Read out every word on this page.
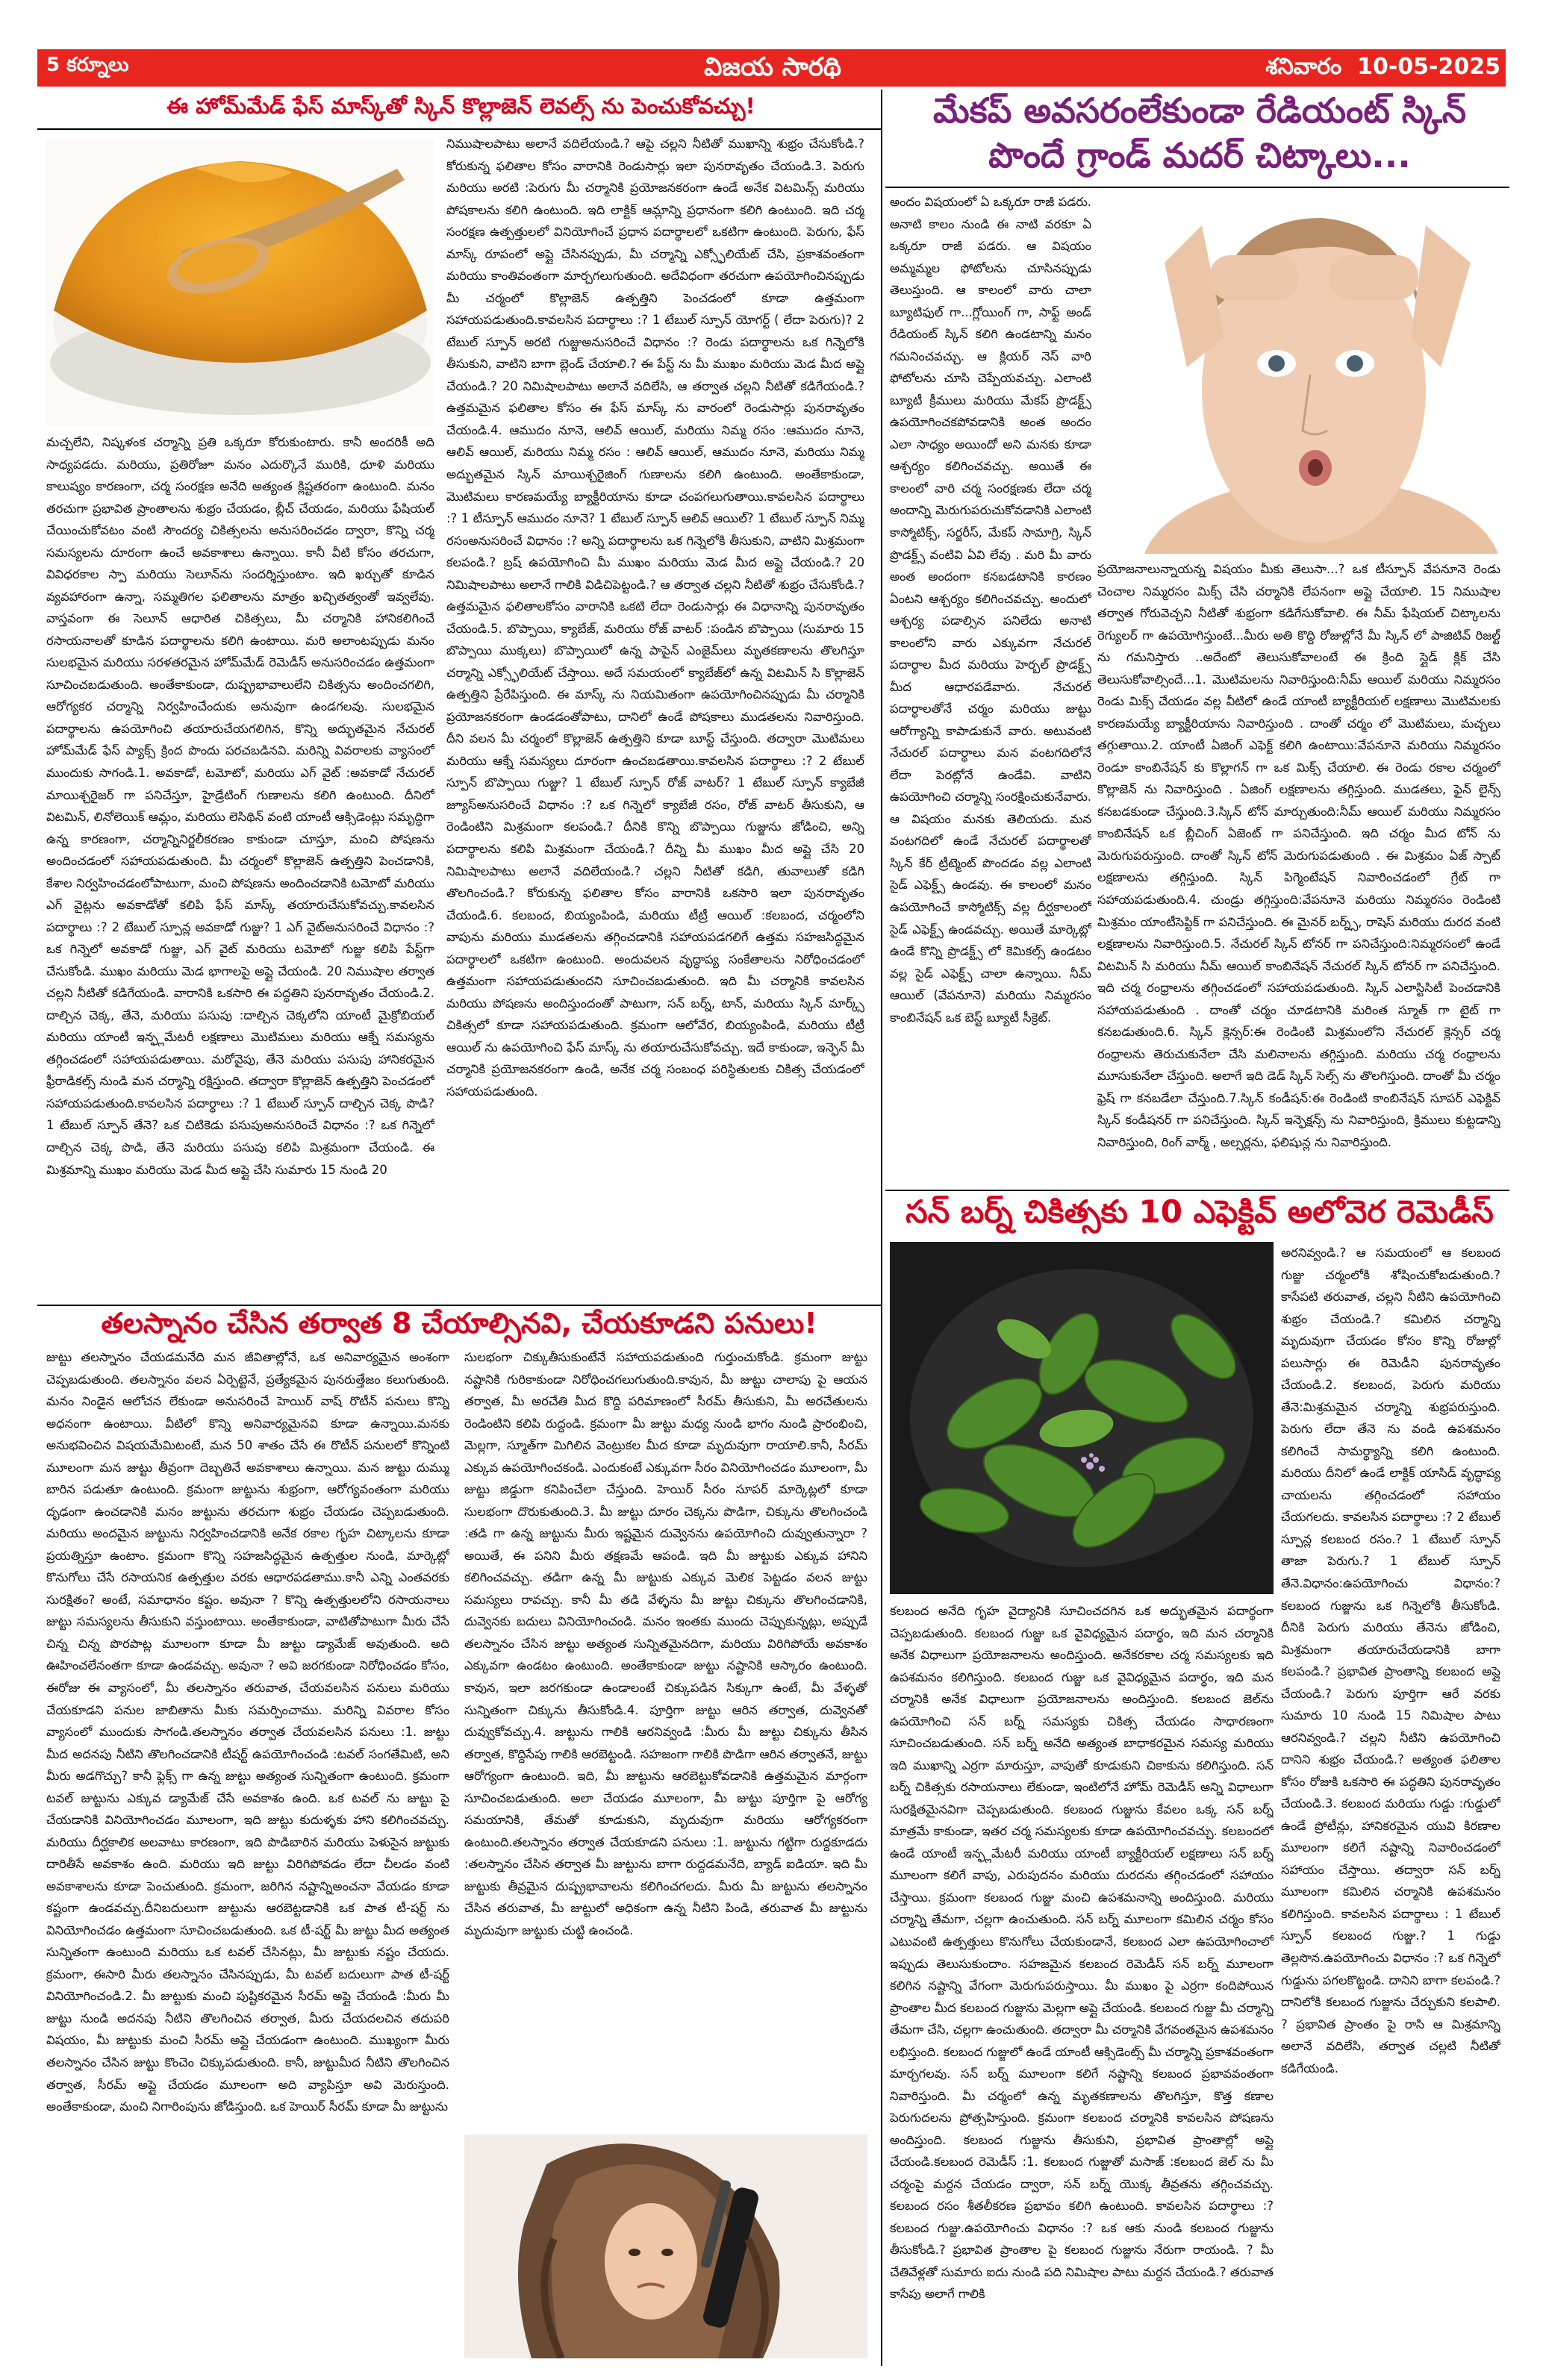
5 కర్నూలు	విజయ సారథి	శనివారం 10-05-2025
ఈ హోమ్‌మేడ్ ఫేస్ మాస్క్‌తో స్కిన్ కొల్లాజెన్ లెవల్స్ ను పెంచుకోవచ్చు!
మచ్చలేని, నిష్కళంక చర్మాన్ని ప్రతి ఒక్కరూ కోరుకుంటారు. కానీ అందరికీ అది సాధ్యపడదు. మరియు, ప్రతిరోజూ మనం ఎదుర్కొనే మురికి, ధూళి మరియు కాలుష్యం కారణంగా, చర్మ సంరక్షణ అనేది అత్యంత క్లిష్టతరంగా ఉంటుంది. మనం తరచుగా ప్రభావిత ప్రాంతాలను శుభ్రం చేయడం, బ్లీచ్ చేయడం, మరియు ఫేషియల్ చేయించుకోవటం వంటి సౌందర్య చికిత్సలను అనుసరించడం ద్వారా, కొన్ని చర్మ సమస్యలను దూరంగా ఉంచే అవకాశాలు ఉన్నాయి. కానీ వీటి కోసం తరచుగా, వివిధరకాల స్పా మరియు సెలూన్‌ను సందర్శిస్తుంటాం. ఇది ఖర్చుతో కూడిన వ్యవహారంగా ఉన్నా, సమ్మతిగల ఫలితాలను మాత్రం ఖచ్చితత్వంతో ఇవ్వలేవు. వాస్తవంగా ఈ సెలూన్ ఆధారిత చికిత్సలు, మీ చర్మానికి హానికలిగించే రసాయనాలతో కూడిన పదార్థాలను కలిగి ఉంటాయి. మరి అలాంటప్పుడు మనం సులభమైన మరియు సరళతరమైన హోమ్‌మేడ్ రెమెడీస్ అనుసరించడం ఉత్తమంగా సూచించబడుతుంది. అంతేకాకుండా, దుష్ప్రభావాలులేని చికిత్సను అందించగలిగి, ఆరోగ్యకర చర్మాన్ని నిర్వహించేందుకు అనువుగా ఉండగలవు. సులభమైన పదార్థాలను ఉపయోగించి తయారుచేయగలిగిన, కొన్ని అద్భుతమైన నేచురల్ హోమ్‌మేడ్ ఫేస్ ప్యాక్స్ క్రింద పొందు పరచబడినవి. మరిన్ని వివరాలకు వ్యాసంలో ముందుకు సాగండి.1. అవకాడో, టమోటో, మరియు ఎగ్ వైట్ :అవకాడో నేచురల్ మాయిశ్చరైజర్ గా పనిచేస్తూ, హైడ్రేటింగ్ గుణాలను కలిగి ఉంటుంది. దీనిలో విటమిన్, లినోలెయిక్ ఆమ్లం, మరియు లెసిథిన్ వంటి యాంటీ ఆక్సిడెంట్లు సమృద్ధిగా ఉన్న కారణంగా, చర్మాన్నినిర్జలీకరణం కాకుండా చూస్తూ, మంచి పోషణను అందించడంలో సహాయపడుతుంది. మీ చర్మంలో కొల్లాజెన్ ఉత్పత్తిని పెంచడానికి, కేశాల నిర్వహించడంలోపాటుగా, మంచి పోషణను అందించడానికి టమోటో మరియు ఎగ్ వైట్లను అవకాడోతో కలిపి ఫేస్ మాస్క్ తయారుచేసుకోవచ్చు.కావలసిన పదార్థాలు :? 2 టేబుల్ స్పూన్ల అవకాడో గుజ్జు? 1 ఎగ్ వైట్అనుసరించే విధానం :? ఒక గిన్నెలో అవకాడో గుజ్జు, ఎగ్ వైట్ మరియు టమోటో గుజ్జు కలిపి పేస్ట్‌గా చేసుకోండి. ముఖం మరియు మెడ భాగాలపై అప్లై చేయండి. 20 నిముషాల తర్వాత చల్లని నీటితో కడిగేయండి. వారానికి ఒకసారి ఈ పద్ధతిని పునరావృతం చేయండి.2. దాల్చిన చెక్క, తేనె, మరియు పసుపు :దాల్చిన చెక్కలోని యాంటీ మైక్రోబియల్ మరియు యాంటీ ఇన్ఫ్లమేటరీ లక్షణాలు మొటిమలు మరియు ఆక్నే సమస్యను తగ్గించడంలో సహాయపడుతాయి. మరోవైపు, తేనె మరియు పసుపు హానికరమైన ఫ్రీరాడికల్స్ నుండి మన చర్మాన్ని రక్షిస్తుంది. తద్వారా కొల్లాజెన్ ఉత్పత్తిని పెంచడంలో సహాయపడుతుంది.కావలసిన పదార్థాలు :? 1 టేబుల్ స్పూన్ దాల్చిన చెక్క పొడి? 1 టేబుల్ స్పూన్ తేనె? ఒక చిటికెడు పసుపుఅనుసరించే విధానం :? ఒక గిన్నెలో దాల్చిన చెక్క పొడి, తేనె మరియు పసుపు కలిపి మిశ్రమంగా చేయండి. ఈ మిశ్రమాన్ని ముఖం మరియు మెడ మీద అప్లై చేసి సుమారు 15 నుండి 20
నిముషాలపాటు అలానే వదిలేయండి.? ఆపై చల్లని నీటితో ముఖాన్ని శుభ్రం చేసుకోండి.? కోరుకున్న ఫలితాల కోసం వారానికి రెండుసార్లు ఇలా పునరావృతం చేయండి.3. పెరుగు మరియు అరటి :పెరుగు మీ చర్మానికి ప్రయోజనకరంగా ఉండే అనేక విటమిన్స్ మరియు పోషకాలను కలిగి ఉంటుంది. ఇది లాక్టిక్ ఆమ్లాన్ని ప్రధానంగా కలిగి ఉంటుంది. ఇది చర్మ సంరక్షణ ఉత్పత్తులలో వినియోగించే ప్రధాన పదార్థాలలో ఒకటిగా ఉంటుంది. పెరుగు, ఫేస్ మాస్క్ రూపంలో అప్లై చేసినప్పుడు, మీ చర్మాన్ని ఎక్స్ఫోలియేట్ చేసి, ప్రకాశవంతంగా మరియు కాంతివంతంగా మార్చగలుగుతుంది. అదేవిధంగా తరచుగా ఉపయోగించినప్పుడు మీ చర్మంలో కొల్లాజెన్ ఉత్పత్తిని పెంచడంలో కూడా ఉత్తమంగా సహాయపడుతుంది.కావలసిన పదార్థాలు :? 1 టేబుల్ స్పూన్ యోగర్ట్ ( లేదా పెరుగు)? 2 టేబుల్ స్పూన్ అరటి గుజ్జుఅనుసరించే విధానం :? రెండు పదార్థాలను ఒక గిన్నెలోకి తీసుకుని, వాటిని బాగా బ్లెండ్ చేయాలి.? ఈ పేస్ట్ ను మీ ముఖం మరియు మెడ మీద అప్లై చేయండి.? 20 నిమిషాలపాటు అలానే వదిలేసి, ఆ తర్వాత చల్లని నీటితో కడిగేయండి.? ఉత్తమమైన ఫలితాల కోసం ఈ ఫేస్ మాస్క్ ను వారంలో రెండుసార్లు పునరావృతం చేయండి.4. ఆముదం నూనె, ఆలివ్ ఆయిల్, మరియు నిమ్మ రసం :ఆముదం నూనె, ఆలివ్ ఆయిల్, మరియు నిమ్మ రసం : ఆలివ్ ఆయిల్, ఆముదం నూనె, మరియు నిమ్మ అద్భుతమైన స్కిన్ మాయిశ్చరైజింగ్ గుణాలను కలిగి ఉంటుంది. అంతేకాకుండా, మొటిమలు కారణమయ్యే బ్యాక్టీరియాను కూడా చంపగలుగుతాయి.కావలసిన పదార్థాలు :? 1 టీస్పూన్ ఆముదం నూనె? 1 టేబుల్ స్పూన్ ఆలివ్ ఆయిల్? 1 టేబుల్ స్పూన్ నిమ్మ రసంఅనుసరించే విధానం :? అన్ని పదార్థాలను ఒక గిన్నెలోకి తీసుకుని, వాటిని మిశ్రమంగా కలపండి.? బ్రష్ ఉపయోగించి మీ ముఖం మరియు మెడ మీద అప్లై చేయండి.? 20 నిమిషాలపాటు అలానే గాలికి విడిచిపెట్టండి.? ఆ తర్వాత చల్లని నీటితో శుభ్రం చేసుకోండి.? ఉత్తమమైన ఫలితాలకోసం వారానికి ఒకటి లేదా రెండుసార్లు ఈ విధానాన్ని పునరావృతం చేయండి.5. బొప్పాయి, క్యాబేజ్, మరియు రోజ్ వాటర్ :పండిన బొప్పాయి (సుమారు 15 బొప్పాయి ముక్కలు) బొప్పాయిలో ఉన్న పాపైన్ ఎంజైమ్‌లు మృతకణాలను తొలగిస్తూ చర్మాన్ని ఎక్స్ఫోలియేట్ చేస్తాయి. అదే సమయంలో క్యాబేజ్‌లో ఉన్న విటమిన్ సి కొల్లాజెన్ ఉత్పత్తిని ప్రేరేపిస్తుంది. ఈ మాస్క్ ను నియమితంగా ఉపయోగించినప్పుడు మీ చర్మానికి ప్రయోజనకరంగా ఉండడంతోపాటు, దానిలో ఉండే పోషకాలు ముడతలను నివారిస్తుంది. దీని వలన మీ చర్మంలో కొల్లాజెన్ ఉత్పత్తిని కూడా బూస్ట్ చేస్తుంది. తద్వారా మొటిమలు మరియు ఆక్నే సమస్యలు దూరంగా ఉంచబడతాయి.కావలసిన పదార్థాలు :? 2 టేబుల్ స్పూన్ బొప్పాయి గుజ్జు? 1 టేబుల్ స్పూన్ రోజ్ వాటర్? 1 టేబుల్ స్పూన్ క్యాబేజీ జ్యూస్అనుసరించే విధానం :? ఒక గిన్నెలో క్యాబేజీ రసం, రోజ్ వాటర్ తీసుకుని, ఆ రెండింటిని మిశ్రమంగా కలపండి.? దీనికి కొన్ని బొప్పాయి గుజ్జును జోడించి, అన్ని పదార్థాలను కలిపి మిశ్రమంగా చేయండి.? దీన్ని మీ ముఖం మీద అప్లై చేసి 20 నిమిషాలపాటు అలానే వదిలేయండి.? చల్లని నీటితో కడిగి, తువాలుతో కడిగి తొలగించండి.? కోరుకున్న ఫలితాల కోసం వారానికి ఒకసారి ఇలా పునరావృతం చేయండి.6. కలబంద, బియ్యంపిండి, మరియు టీట్రీ ఆయిల్ :కలబంద, చర్మంలోని వాపును మరియు ముడతలను తగ్గించడానికి సహాయపడగలిగే ఉత్తమ సహజసిద్ధమైన పదార్థాలలో ఒకటిగా ఉంటుంది. అందువలన వృద్ధాప్య సంకేతాలను నిరోధించడంలో ఉత్తమంగా సహాయపడుతుందని సూచించబడుతుంది. ఇది మీ చర్మానికి కావలసిన మరియు పోషణను అందిస్తుందంతో పాటుగా, సన్ బర్న్, టాన్, మరియు స్కిన్ మార్క్స్ చికిత్సలో కూడా సహాయపడుతుంది. క్రమంగా ఆలోవేర, బియ్యంపిండి, మరియు టీట్రీ ఆయిల్ ను ఉపయోగించి ఫేస్ మాస్క్ ను తయారుచేసుకోవచ్చు. ఇదే కాకుండా, ఇన్ఫెన్ మీ చర్మానికి ప్రయోజనకరంగా ఉండి, అనేక చర్మ సంబంధ పరిస్థితులకు చికిత్స చేయడంలో సహాయపడుతుంది.
తలస్నానం చేసిన తర్వాత 8 చేయాల్సినవి, చేయకూడని పనులు!
జుట్టు తలస్నానం చేయడమనేది మన జీవితాల్లోనే, ఒక అనివార్యమైన అంశంగా చెప్పబడుతుంది. తలస్నానం వలన ఏర్పెట్టెనే, ప్రత్యేకమైన పునరుత్తేజం కలుగుతుంది. మనం నిండైన ఆలోచన లేకుండా అనుసరించే హెయిర్ వాష్ రొటీన్ పనులు కొన్ని అధనంగా ఉంటాయి. వీటిలో కొన్ని అనివార్యమైనవి కూడా ఉన్నాయి.మనకు అనుభవించిన విషయమేమిటంటే, మన 50 శాతం చేసే ఈ రొటీన్ పనులలో కొన్నింటి మూలంగా మన జుట్టు తీవ్రంగా దెబ్బతినే అవకాశాలు ఉన్నాయి. మన జుట్టు దుమ్ము బారిన పడుతూ ఉంటుంది. క్రమంగా జుట్టును శుభ్రంగా, ఆరోగ్యవంతంగా మరియు దృఢంగా ఉంచడానికి మనం జుట్టును తరచుగా శుభ్రం చేయడం చెప్పబడుతుంది. మరియు అందమైన జుట్టును నిర్వహించడానికి అనేక రకాల గృహ చిట్కాలను కూడా ప్రయత్నిస్తూ ఉంటాం. క్రమంగా కొన్ని సహజసిద్ధమైన ఉత్పత్తుల నుండి, మార్కెట్లో కొనుగోలు చేసే రసాయనిక ఉత్పత్తుల వరకు ఆధారపడతాము.కానీ ఎన్ని ఎంతవరకు సురక్షితం? అంటే, సమాధానం కష్టం. అవునా ? కొన్ని ఉత్పత్తులలోని రసాయనాలు జుట్టు సమస్యలను తీసుకుని వస్తుంటాయి. అంతేకాకుండా, వాటితోపాటుగా మీరు చేసే చిన్న చిన్న పొరపాట్ల మూలంగా కూడా మీ జుట్టు డ్యామేజ్ అవుతుంది. అది ఊహించలేనంతగా కూడా ఉండవచ్చు. అవునా ? అవి జరగకుండా నిరోధించడం కోసం, ఈరోజు ఈ వ్యాసంలో, మీ తలస్నానం తరువాత, చేయవలసిన పనులు మరియు చేయకూడని పనుల జాబితాను మీకు సమర్పించాము. మరిన్ని వివరాల కోసం వ్యాసంలో ముందుకు సాగండి.తలస్నానం తర్వాత చేయవలసిన పనులు :1. జుట్టు మీద అదనపు నీటిని తొలగించడానికి టీషర్ట్ ఉపయోగించండి :టవల్ సంగతేమిటి, అని మీరు అడగొచ్చు? కానీ ఫ్లెక్స్ గా ఉన్న జుట్టు అత్యంత సున్నితంగా ఉంటుంది. క్రమంగా టవల్ జుట్టును ఎక్కువ డ్యామేజ్ చేసే అవకాశం ఉంది. ఒక టవల్ ను జుట్టు పై చేయడానికి వినియోగించడం మూలంగా, ఇది జుట్టు కుదుళ్ళకు హాని కలిగించవచ్చు. మరియు దీర్ఘకాలిక అలవాటు కారణంగా, ఇది పొడిబారిన మరియు పెళుసైన జుట్టుకు దారితీసే అవకాశం ఉంది. మరియు ఇది జుట్టు విరిగిపోవడం లేదా చీలడం వంటి అవకాశాలను కూడా పెంచుతుంది. క్రమంగా, జరిగిన నష్టాన్నిఅంచనా వేయడం కూడా కష్టంగా ఉండవచ్చు.దీనిబదులుగా జుట్టును ఆరబెట్టడానికి ఒక పాత టీ-షర్ట్ ను వినియోగించడం ఉత్తమంగా సూచించబడుతుంది. ఒక టీ-షర్ట్ మీ జుట్టు మీద అత్యంత సున్నితంగా ఉంటుంది మరియు ఒక టవల్ చేసినట్లు, మీ జుట్టుకు నష్టం చేయదు. క్రమంగా, ఈసారి మీరు తలస్నానం చేసినప్పుడు, మీ టవల్ బదులుగా పాత టీ-షర్ట్ వినియోగించండి.2. మీ జుట్టుకు మంచి పుష్టికరమైన సీరమ్ అప్లై చేయండి :మీరు మీ జుట్టు నుండి అదనపు నీటిని తొలగించిన తర్వాత, మీరు చేయదలచిన తదుపరి విషయం, మీ జుట్టుకు మంచి సీరమ్ అప్లై చేయడంగా ఉంటుంది. ముఖ్యంగా మీరు తలస్నానం చేసిన జుట్టు కొంచెం చిక్కుపడుతుంది. కానీ, జుట్టుమీద నీటిని తొలగించిన తర్వాత, సీరమ్ అప్లై చేయడం మూలంగా అది వ్యాపిస్తూ అవి మెరుస్తుంది. అంతేకాకుండా, మంచి నిగారింపును జోడిస్తుంది. ఒక హెయిర్ సీరమ్ కూడా మీ జుట్టును
సులభంగా చిక్కుతీసుకుంటేనే సహాయపడుతుంది గుర్తుంచుకోండి. క్రమంగా జుట్టు నష్టానికి గురికాకుండా నిరోధించగలుగుతుంది.కావున, మీ జుట్టు చాలాపు పై ఆయన తర్వాత, మీ అరచేతి మీద కొద్ది పరిమాణంలో సీరమ్ తీసుకుని, మీ అరచేతులను రెండింటిని కలిపి రుద్దండి. క్రమంగా మీ జుట్టు మధ్య నుండి భాగం నుండి ప్రారంభించి, మెల్లగా, స్మూత్‌గా మిగిలిన వెంట్రుకల మీద కూడా మృదువుగా రాయాలి.కానీ, సీరమ్ ఎక్కువ ఉపయోగించకండి. ఎందుకంటే ఎక్కువగా సీరం వినియోగించడం మూలంగా, మీ జుట్టు జిడ్డుగా కనిపించేలా చేస్తుంది. హెయిర్ సీరం సూపర్ మార్కెట్లలో కూడా సులభంగా దొరుకుతుంది.3. మీ జుట్టు దూరం చెక్కను పొడిగా, చిక్కును తొలగించండి :తడి గా ఉన్న జుట్టును మీరు ఇష్టమైన దువ్వెనను ఉపయోగించి దువ్వుతున్నారా ? అయితే, ఈ పనిని మీరు తక్షణమే ఆపండి. ఇది మీ జుట్టుకు ఎక్కువ హానిని కలిగించవచ్చు. తడిగా ఉన్న మీ జుట్టుకు ఎక్కువ మెలిక పెట్టడం వలన జుట్టు సమస్యలు రావచ్చు. కానీ మీ తడి వేళ్ళను మీ జుట్టు చిక్కును తొలగించడానికి, దువ్వెనకు బదులు వినియోగించండి. మనం ఇంతకు ముందు చెప్పుకున్నట్లు, అప్పుడే తలస్నానం చేసిన జుట్టు అత్యంత సున్నితమైనదిగా, మరియు విరిగిపోయే అవకాశం ఎక్కువగా ఉండటం ఉంటుంది. అంతేకాకుండా జుట్టు నష్టానికి ఆస్కారం ఉంటుంది. కావున, ఇలా జరగకుండా ఉండాలంటే చిక్కుపడిన సిక్కుగా ఉంటే, మీ వేళ్ళతో సున్నితంగా చిక్కును తీసుకోండి.4. పూర్తిగా జుట్టు ఆరిన తర్వాత, దువ్వెనతో దువ్వుకోవచ్చు.4. జుట్టును గాలికి ఆరనివ్వండి :మీరు మీ జుట్టు చిక్కును తీసిన తర్వాత, కొద్దిసేపు గాలికి ఆరబెట్టండి. సహజంగా గాలికి పొడిగా ఆరిన తర్వాతనే, జుట్టు ఆరోగ్యంగా ఉంటుంది. ఇది, మీ జుట్టును ఆరబెట్టుకోవడానికి ఉత్తమమైన మార్గంగా సూచించబడుతుంది. అలా చేయడం మూలంగా, మీ జుట్టు పూర్తిగా పై ఆరోగ్య సమయానికి, తేమతో కూడుకుని, మృదువుగా మరియు ఆరోగ్యకరంగా ఉంటుంది.తలస్నానం తర్వాత చేయకూడని పనులు :1. జుట్టును గట్టిగా రుద్దకూడదు :తలస్నానం చేసిన తర్వాత మీ జుట్టును బాగా రుద్దడమనేది, బ్యాడ్ ఐడియా. ఇది మీ జుట్టుకు తీవ్రమైన దుష్ప్రభావాలను కలిగించగలదు. మీరు మీ జుట్టును తలస్నానం చేసిన తరువాత, మీ జుట్టులో అధికంగా ఉన్న నీటిని పిండి, తరువాత మీ జుట్టును మృదువుగా జుట్టుకు చుట్టి ఉంచండి.
మేకప్ అవసరంలేకుండా రేడియంట్ స్కిన్
పొందే గ్రాండ్ మదర్ చిట్కాలు...
అందం విషయంలో ఏ ఒక్కరూ రాజీ పడరు. అనాటి కాలం నుండి ఈ నాటి వరకూ ఏ ఒక్కరూ రాజీ పడరు. ఆ విషయం అమ్మమ్మల ఫోటోలను చూసినప్పుడు తెలుస్తుంది. ఆ కాలంలో వారు చాలా బ్యూటిఫుల్ గా...గ్లోయింగ్ గా, సాఫ్ట్ అండ్ రేడియంట్ స్కిన్ కలిగి ఉండటాన్ని మనం గమనించవచ్చు. ఆ క్లియర్ నెస్ వారి ఫోటోలను చూసి చెప్పేయవచ్చు. ఎలాంటి బ్యూటీ క్రీములు మరియు మేకప్ ప్రొడక్ట్స్ ఉపయోగించకపోవడానికి అంత అందం ఎలా సాధ్యం అయిందో అని మనకు కూడా ఆశ్చర్యం కలిగించవచ్చు. అయితే ఈ కాలంలో వారి చర్మ సంరక్షణకు లేదా చర్మ అందాన్ని మెరుగుపరుచుకోవడానికి ఎలాంటి కాస్మోటిక్స్, సర్జరీస్, మేకప్ సామాగ్రి, స్కిన్ ప్రొడక్ట్స్ వంటివి ఏవి లేవు . మరి మీ వారు అంత అందంగా కనబడటానికి కారణం ఏంటని ఆశ్చర్యం కలిగించవచ్చు. అందులో ఆశ్చర్య పడాల్సిన పనిలేదు అనాటి కాలంలోని వారు ఎక్కువగా నేచురల్ పదార్థాల మీద మరియు హెర్బల్ ప్రొడక్ట్స్ మీద ఆధారపడేవారు. నేచురల్ పదార్థాలతోనే చర్మం మరియు జుట్టు ఆరోగ్యాన్ని కాపాడుకునే వారు. అటువంటి నేచురల్ పదార్థాలు మన వంటగదిలోనే లేదా పెరట్లోనే ఉండేవి. వాటిని ఉపయోగించి చర్మాన్ని సంరక్షించుకునేవారు. ఆ విషయం మనకు తెలియదు. మన వంటగదిలో ఉండే నేచురల్ పదార్థాలతో స్కిన్ కేర్ ట్రీట్మెంట్ పొందడం వల్ల ఎలాంటి సైడ్ ఎఫెక్ట్స్ ఉండవు. ఈ కాలంలో మనం ఉపయోగించే కాస్మోటిక్స్ వల్ల దీర్ఘకాలంలో సైడ్ ఎఫెక్ట్స్ ఉండవచ్చు. అయితే మార్కెట్లో ఉండే కొన్ని ప్రొడక్ట్స్ లో కెమికల్స్ ఉండటం వల్ల సైడ్ ఎఫెక్ట్స్ చాలా ఉన్నాయి. నీమ్ ఆయిల్ (వేపనూనె) మరియు నిమ్మరసం కాంబినేషన్ ఒక బెస్ట్ బ్యూటీ సీక్రెట్.
ప్రయోజనాలున్నాయన్న విషయం మీకు తెలుసా...? ఒక టీస్పూన్ వేపనూనె రెండు చెంచాల నిమ్మరసం మిక్స్ చేసి చర్మానికి లేపనంగా అప్లై చేయాలి. 15 నిముషాల తర్వాత గోరువెచ్చని నీటితో శుభ్రంగా కడిగేసుకోవాలి. ఈ నీమ్ ఫేషియల్ చిట్కాలను రెగ్యులర్ గా ఉపయోగిస్తుంటే...మీరు అతి కొద్ది రోజుల్లోనే మీ స్కిన్ లో పాజిటివ్ రిజల్ట్ ను గమనిస్తారు ..అదేంటో తెలుసుకోవాలంటే ఈ క్రింది స్లైడ్ క్లిక్ చేసి తెలుసుకోవాల్సిందే...1. మొటిమలను నివారిస్తుంది:నీమ్ ఆయిల్ మరియు నిమ్మరసం రెండు మిక్స్ చేయడం వల్ల వీటిలో ఉండే యాంటీ బ్యాక్టీరియల్ లక్షణాలు మొటిమలకు కారణమయ్యే బ్యాక్టీరియాను నివారిస్తుంది . దాంతో చర్మం లో మొటిమలు, మచ్చలు తగ్గుతాయి.2. యాంటీ ఏజింగ్ ఎఫెక్ట్ కలిగి ఉంటాయి:వేపనూనె మరియు నిమ్మరసం రెండూ కాంబినేషన్ కు కొల్లాగన్ గా ఒక మిక్స్ చేయాలి. ఈ రెండు రకాల చర్మంలో కొల్లాజెన్ ను నివారిస్తుంది . ఏజింగ్ లక్షణాలను తగ్గిస్తుంది. ముడతలు, ఫైన్ లైన్స్ కనబడకుండా చేస్తుంది.3.స్కిన్ టోన్ మార్చుతుంది:నీమ్ ఆయిల్ మరియు నిమ్మరసం కాంబినేషన్ ఒక బ్లీచింగ్ ఏజెంట్ గా పనిచేస్తుంది. ఇది చర్మం మీద టోన్ ను మెరుగుపరుస్తుంది. దాంతో స్కిన్ టోన్ మెరుగుపడుతుంది . ఈ మిశ్రమం ఏజ్ స్పాట్ లక్షణాలను తగ్గిస్తుంది. స్కిన్ పిగ్మెంటేషన్ నివారించడంలో గ్రేట్ గా సహాయపడుతుంది.4. చుండ్రు తగ్గిస్తుంది:వేపనూనె మరియు నిమ్మరసం రెండింటి మిశ్రమం యాంటీసెప్టిక్ గా పనిచేస్తుంది. ఈ మైనర్ బర్న్స్, రాషెస్ మరియు దురద వంటి లక్షణాలను నివారిస్తుంది.5. నేచురల్ స్కిన్ టోనర్ గా పనిచేస్తుంది:నిమ్మరసంలో ఉండే విటమిన్ సి మరియు నీమ్ ఆయిల్ కాంబినేషన్ నేచురల్ స్కిన్ టోనర్ గా పనిచేస్తుంది. ఇది చర్మ రంధ్రాలను తగ్గించడంలో సహాయపడుతుంది. స్కిన్ ఎలాస్టిసిటీ పెంచడానికి సహాయపడుతుంది . దాంతో చర్మం చూడటానికి మరింత స్మూత్ గా టైట్ గా కనబడుతుంది.6. స్కిన్ క్లెన్సర్:ఈ రెండింటి మిశ్రమంలోని నేచురల్ క్లెన్సర్ చర్మ రంధ్రాలను తెరుచుకునేలా చేసి మలినాలను తగ్గిస్తుంది. మరియు చర్మ రంధ్రాలను మూసుకునేలా చేస్తుంది. అలాగే ఇది డెడ్ స్కిన్ సెల్స్ ను తొలగిస్తుంది. దాంతో మీ చర్మం ఫ్రెష్ గా కనబడేలా చేస్తుంది.7.స్కిన్ కండీషన్:ఈ రెండింటి కాంబినేషన్ సూపర్ ఎఫెక్టివ్ స్కిన్ కండీషనర్ గా పనిచేస్తుంది. స్కిన్ ఇన్ఫెక్షన్స్ ను నివారిస్తుంది, క్రిములు కుట్టడాన్ని నివారిస్తుంది, రింగ్ వార్మ్ , అల్సర్లను, ఫలిషున్ల ను నివారిస్తుంది.
సన్ బర్న్ చికిత్సకు 10 ఎఫెక్టివ్ అలోవెర రెమెడీస్
అరనివ్వండి.? ఆ సమయంలో ఆ కలబంద గుజ్జు చర్మంలోకి శోషించుకోబడుతుంది.? కాసేపటి తరువాత, చల్లని నీటిని ఉపయోగించి శుభ్రం చేయండి.? కమిలిన చర్మాన్ని మృదువుగా చేయడం కోసం కొన్ని రోజుల్లో పలుసార్లు ఈ రెమెడీని పునరావృతం చేయండి.2. కలబంద, పెరుగు మరియు తేనె:మిశ్రమమైన చర్మాన్ని శుభ్రపరుస్తుంది. పెరుగు లేదా తేనె ను వండి ఉపశమనం కలిగించే సామర్థ్యాన్ని కలిగి ఉంటుంది. మరియు దీనిలో ఉండే లాక్టిక్ యాసిడ్ వృద్ధాప్య చాయలను తగ్గించడంలో సహాయం చేయగలదు. కావలసిన పదార్థాలు :? 2 టేబుల్ స్పూన్ల కలబంద రసం.? 1 టేబుల్ స్పూన్ తాజా పెరుగు.? 1 టేబుల్ స్పూన్ తేనె.విధానం:ఉపయోగించు విధానం:? కలబంద గుజ్జును ఒక గిన్నెలోకి తీసుకోండి. దీనికి పెరుగు మరియు తేనెను జోడించి, మిశ్రమంగా తయారుచేయడానికి బాగా కలపండి.? ప్రభావిత ప్రాంతాన్ని కలబంద అప్లై చేయండి.? పెరుగు పూర్తిగా ఆరే వరకు సుమారు 10 నుండి 15 నిమిషాల పాటు ఆరనివ్వండి.? చల్లని నీటిని ఉపయోగించి దానిని శుభ్రం చేయండి.? అత్యంత ఫలితాల కోసం రోజుకి ఒకసారి ఈ పద్ధతిని పునరావృతం చేయండి.3. కలబంద మరియు గుడ్డు :గుడ్డులో ఉండే ప్రోటీన్లు, హానికరమైన యువి కిరణాల మూలంగా కలిగే నష్టాన్ని నివారించడంలో సహాయం చేస్తాయి. తద్వారా సన్ బర్న్ మూలంగా కమిలిన చర్మానికి ఉపశమనం కలిగిస్తుంది. కావలసిన పదార్థాలు : 1 టేబుల్ స్పూన్ కలబంద గుజ్జు.? 1 గుడ్డు తెల్లసొన.ఉపయోగించు విధానం :? ఒక గిన్నెలో గుడ్డును పగలకొట్టండి. దానిని బాగా కలపండి.? దానిలోకి కలబంద గుజ్జును చేర్చుకుని కలపాలి. ? ప్రభావిత ప్రాంతం పై రాసి ఆ మిశ్రమాన్ని అలానే వదిలేసి, తర్వాత చల్లటి నీటితో కడిగేయండి.
కలబంద అనేది గృహ వైద్యానికి సూచించదగిన ఒక అద్భుతమైన పదార్థంగా చెప్పబడుతుంది. కలబంద గుజ్జు ఒక వైవిధ్యమైన పదార్థం, ఇది మన చర్మానికి అనేక విధాలుగా ప్రయోజనాలను అందిస్తుంది. అనేకరకాల చర్మ సమస్యలకు ఇది ఉపశమనం కలిగిస్తుంది. కలబంద గుజ్జు ఒక వైవిధ్యమైన పదార్థం, ఇది మన చర్మానికి అనేక విధాలుగా ప్రయోజనాలను అందిస్తుంది. కలబంద జెల్‌ను ఉపయోగించి సన్ బర్న్ సమస్యకు చికిత్స చేయడం సాధారణంగా సూచించబడుతుంది. సన్ బర్న్ అనేది అత్యంత బాధాకరమైన సమస్య మరియు ఇది ముఖాన్ని ఎర్రగా మారుస్తూ, వాపుతో కూడుకుని చికాకును కలిగిస్తుంది. సన్ బర్న్ చికిత్సకు రసాయనాలు లేకుండా, ఇంటిలోనే హోమ్ రెమెడీస్ అన్ని విధాలుగా సురక్షితమైనవిగా చెప్పబడుతుంది. కలబంద గుజ్జును కేవలం ఒక్క సన్ బర్న్ మాత్రమే కాకుండా, ఇతర చర్మ సమస్యలకు కూడా ఉపయోగించవచ్చు. కలబందలో ఉండే యాంటీ ఇన్ఫ్లమేటరీ మరియు యాంటీ బ్యాక్టీరియల్ లక్షణాలు సన్ బర్న్ మూలంగా కలిగే వాపు, ఎరుపుదనం మరియు దురదను తగ్గించడంలో సహాయం చేస్తాయి. క్రమంగా కలబంద గుజ్జు మంచి ఉపశమనాన్ని అందిస్తుంది. మరియు చర్మాన్ని తేమగా, చల్లగా ఉంచుతుంది. సన్ బర్న్ మూలంగా కమిలిన చర్మం కోసం ఎటువంటి ఉత్పత్తులు కొనుగోలు చేయకుండానే, కలబంద ఎలా ఉపయోగించాలో ఇప్పుడు తెలుసుకుందాం. సహజమైన కలబంద రెమెడీస్ సన్ బర్న్ మూలంగా కలిగిన నష్టాన్ని వేగంగా మెరుగుపరుస్తాయి. మీ ముఖం పై ఎర్రగా కందిపోయిన ప్రాంతాల మీద కలబంద గుజ్జును మెల్లగా అప్లై చేయండి. కలబంద గుజ్జు మీ చర్మాన్ని తేమగా చేసి, చల్లగా ఉంచుతుంది. తద్వారా మీ చర్మానికి వేగవంతమైన ఉపశమనం లభిస్తుంది. కలబంద గుజ్జులో ఉండే యాంటీ ఆక్సిడెంట్స్ మీ చర్మాన్ని ప్రకాశవంతంగా మార్చగలవు. సన్ బర్న్ మూలంగా కలిగే నష్టాన్ని కలబంద ప్రభావవంతంగా నివారిస్తుంది. మీ చర్మంలో ఉన్న మృతకణాలను తొలగిస్తూ, కొత్త కణాల పెరుగుదలను ప్రోత్సహిస్తుంది. క్రమంగా కలబంద చర్మానికి కావలసిన పోషణను అందిస్తుంది. కలబంద గుజ్జును తీసుకుని, ప్రభావిత ప్రాంతాల్లో అప్లై చేయండి.కలబంద రెమెడీస్ :1. కలబంద గుజ్జుతో మసాజ్ :కలబంద జెల్ ను మీ చర్మంపై మర్దన చేయడం ద్వారా, సన్ బర్న్ యొక్క తీవ్రతను తగ్గించవచ్చు. కలబంద రసం శీతలీకరణ ప్రభావం కలిగి ఉంటుంది. కావలసిన పదార్థాలు :? కలబంద గుజ్జు.ఉపయోగించు విధానం :? ఒక ఆకు నుండి కలబంద గుజ్జును తీసుకోండి.? ప్రభావిత ప్రాంతాల పై కలబంద గుజ్జును నేరుగా రాయండి. ? మీ చేతివేళ్లతో సుమారు ఐదు నుండి పది నిమిషాల పాటు మర్దన చేయండి.? తరువాత కాసేపు అలాగే గాలికి
